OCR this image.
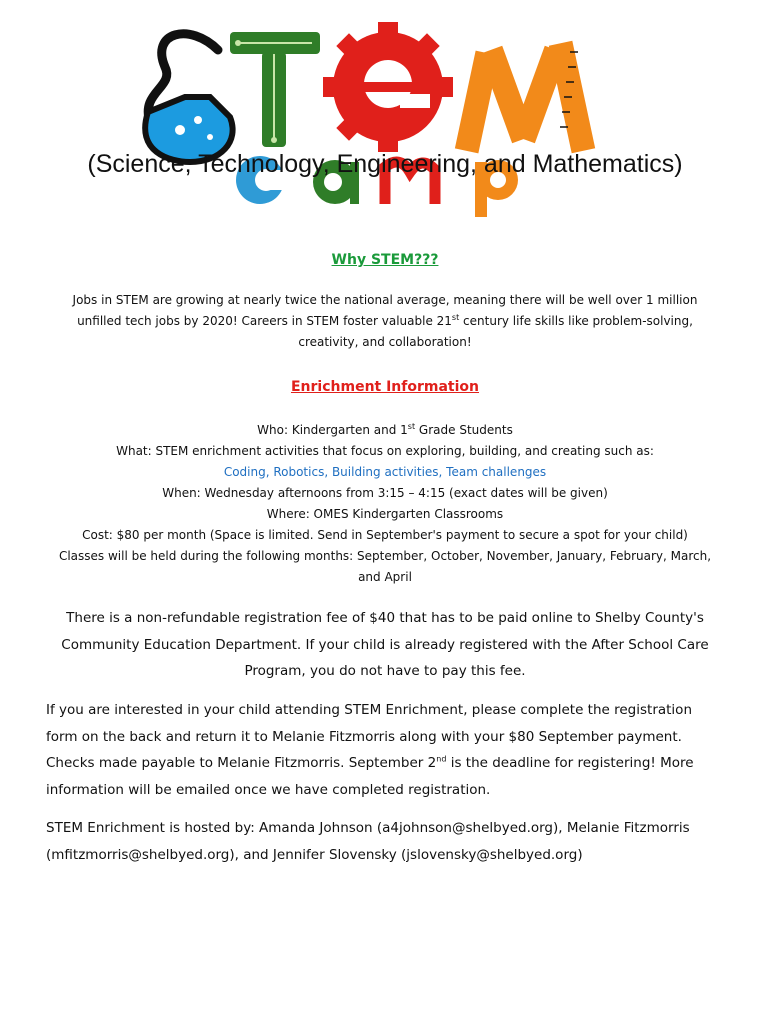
(Science, Technology, Engineering, and Mathematics)
Why STEM???
Jobs in STEM are growing at nearly twice the national average, meaning there will be well over 1 million
unfilled tech jobs by 2020! Careers in STEM foster valuable 21st century life skills like problem-solving,
creativity, and collaboration!
Enrichment Information
Who: Kindergarten and 1st Grade Students
What: STEM enrichment activities that focus on exploring, building, and creating such as:
Coding, Robotics, Building activities, Team challenges
When: Wednesday afternoons from 3:15 – 4:15 (exact dates will be given)
Where: OMES Kindergarten Classrooms
Cost: $80 per month (Space is limited. Send in September's payment to secure a spot for your child)
Classes will be held during the following months: September, October, November, January, February, March,
and April
There is a non-refundable registration fee of $40 that has to be paid online to Shelby County's
Community Education Department. If your child is already registered with the After School Care
Program, you do not have to pay this fee.
If you are interested in your child attending STEM Enrichment, please complete the registration
form on the back and return it to Melanie Fitzmorris along with your $80 September payment.
Checks made payable to Melanie Fitzmorris. September 2nd is the deadline for registering! More
information will be emailed once we have completed registration.
STEM Enrichment is hosted by: Amanda Johnson (a4johnson@shelbyed.org), Melanie Fitzmorris
(mfitzmorris@shelbyed.org), and Jennifer Slovensky (jslovensky@shelbyed.org)
